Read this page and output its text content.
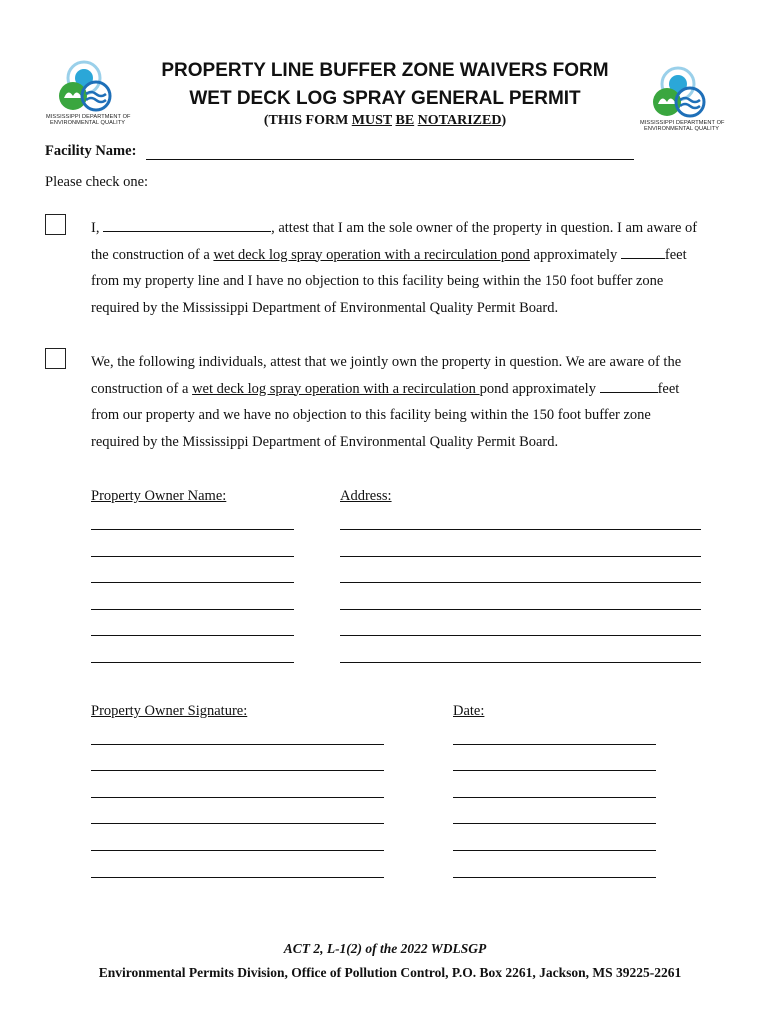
MISSISSIPPI DEPARTMENT OF
ENVIRONMENTAL QUALITY	MISSISSIPPI DEPARTMENT OF
ENVIRONMENTAL QUALITY
PROPERTY LINE BUFFER ZONE WAIVERS FORM
WET DECK LOG SPRAY GENERAL PERMIT
(THIS FORM MUST BE NOTARIZED)
Facility Name:
Please check one:
I,	, attest that I am the sole owner of the property in question. I am aware of
the construction of a wet deck log spray operation with a recirculation pond approximately	feet
from my property line and I have no objection to this facility being within the 150 foot buffer zone
required by the Mississippi Department of Environmental Quality Permit Board.
We, the following individuals, attest that we jointly own the property in question. We are aware of the
construction of a wet deck log spray operation with a recirculation pond approximately	feet
from our property and we have no objection to this facility being within the 150 foot buffer zone
required by the Mississippi Department of Environmental Quality Permit Board.
Property Owner Name:	Address:
Property Owner Signature:	Date:
ACT 2, L-1(2) of the 2022 WDLSGP
Environmental Permits Division, Office of Pollution Control, P.O. Box 2261, Jackson, MS 39225-2261
